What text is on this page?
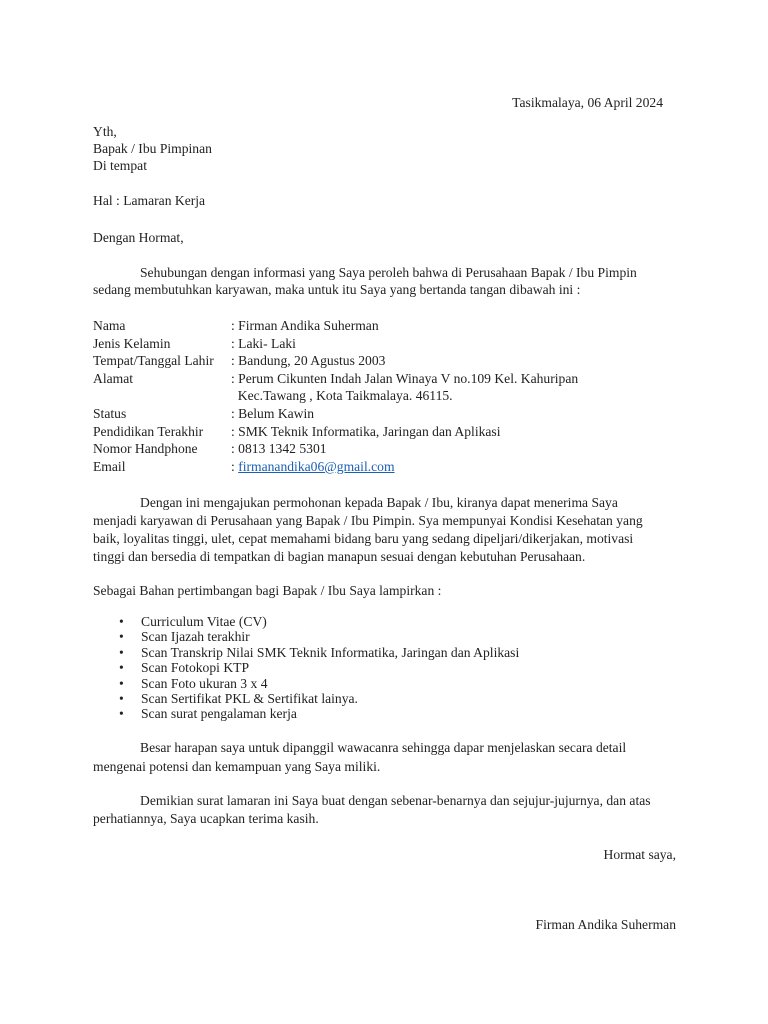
Tasikmalaya, 06 April 2024
Yth,
Bapak / Ibu Pimpinan
Di tempat
Hal : Lamaran Kerja
Dengan Hormat,
Sehubungan dengan informasi yang Saya peroleh bahwa di Perusahaan Bapak / Ibu Pimpin
sedang membutuhkan karyawan, maka untuk itu Saya yang bertanda tangan dibawah ini :
Nama	: Firman Andika Suherman
Jenis Kelamin	: Laki- Laki
Tempat/Tanggal Lahir	: Bandung, 20 Agustus 2003
Alamat	: Perum Cikunten Indah Jalan Winaya V no.109 Kel. Kahuripan
	Kec.Tawang , Kota Taikmalaya. 46115.
Status	: Belum Kawin
Pendidikan Terakhir	: SMK Teknik Informatika, Jaringan dan Aplikasi
Nomor Handphone	: 0813 1342 5301
Email	: firmanandika06@gmail.com
Dengan ini mengajukan permohonan kepada Bapak / Ibu, kiranya dapat menerima Saya
menjadi karyawan di Perusahaan yang Bapak / Ibu Pimpin. Sya mempunyai Kondisi Kesehatan yang
baik, loyalitas tinggi, ulet, cepat memahami bidang baru yang sedang dipeljari/dikerjakan, motivasi
tinggi dan bersedia di tempatkan di bagian manapun sesuai dengan kebutuhan Perusahaan.
Sebagai Bahan pertimbangan bagi Bapak / Ibu Saya lampirkan :
• Curriculum Vitae (CV)
• Scan Ijazah terakhir
• Scan Transkrip Nilai SMK Teknik Informatika, Jaringan dan Aplikasi
• Scan Fotokopi KTP
• Scan Foto ukuran 3 x 4
• Scan Sertifikat PKL & Sertifikat lainya.
• Scan surat pengalaman kerja
Besar harapan saya untuk dipanggil wawacanra sehingga dapar menjelaskan secara detail
mengenai potensi dan kemampuan yang Saya miliki.
Demikian surat lamaran ini Saya buat dengan sebenar-benarnya dan sejujur-jujurnya, dan atas
perhatiannya, Saya ucapkan terima kasih.
Hormat saya,
Firman Andika Suherman
